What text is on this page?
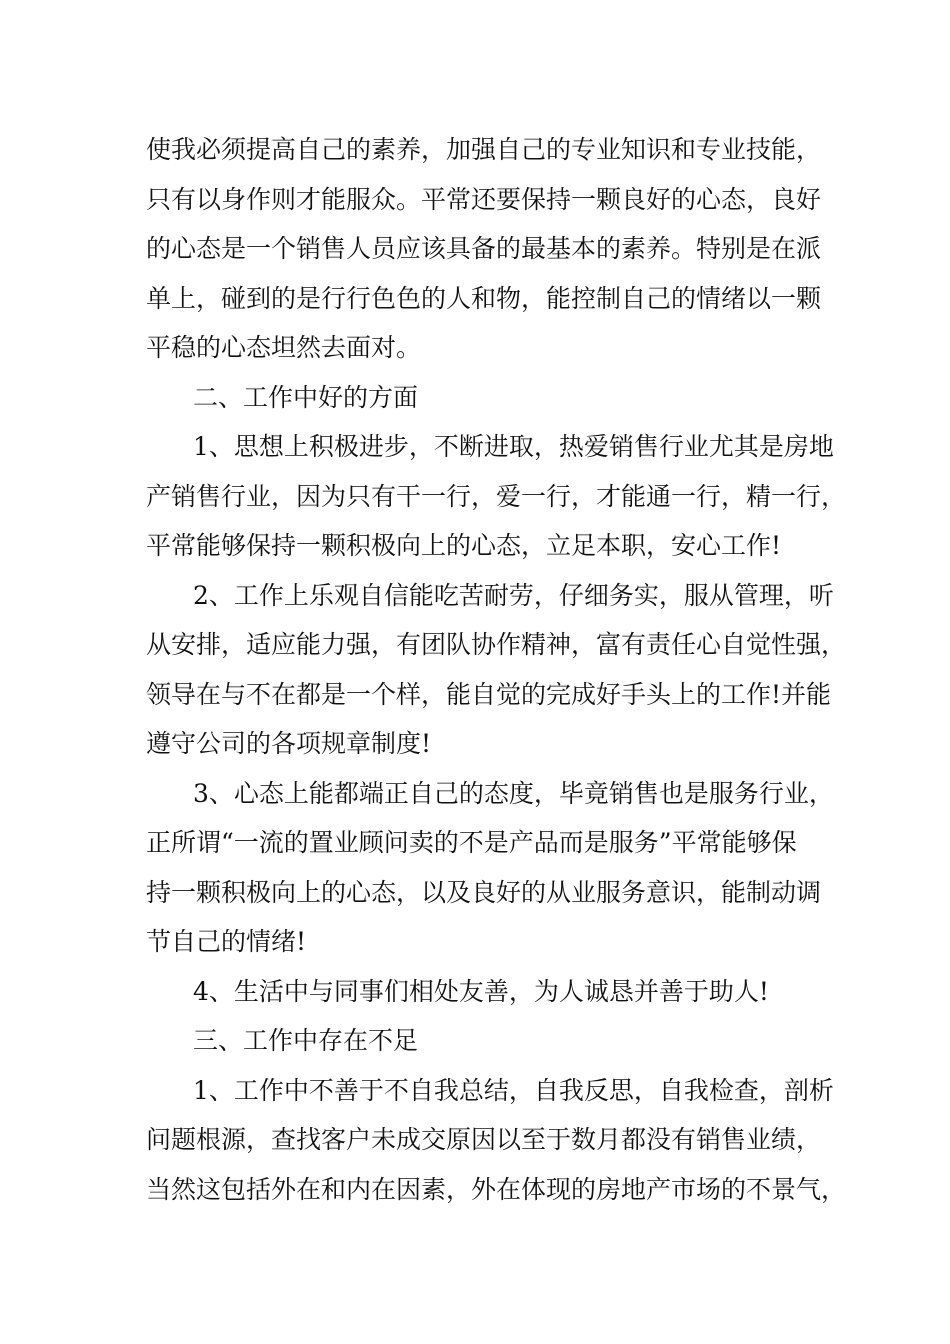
使我必须提高自己的素养，加强自己的专业知识和专业技能，
只有以身作则才能服众。平常还要保持一颗良好的心态，良好
的心态是一个销售人员应该具备的最基本的素养。特别是在派
单上，碰到的是行行色色的人和物，能控制自己的情绪以一颗
平稳的心态坦然去面对。
二、工作中好的方面
1、思想上积极进步，不断进取，热爱销售行业尤其是房地
产销售行业，因为只有干一行，爱一行，才能通一行，精一行，
平常能够保持一颗积极向上的心态，立足本职，安心工作!
2、工作上乐观自信能吃苦耐劳，仔细务实，服从管理，听
从安排，适应能力强，有团队协作精神，富有责任心自觉性强，
领导在与不在都是一个样，能自觉的完成好手头上的工作!并能
遵守公司的各项规章制度!
3、心态上能都端正自己的态度，毕竟销售也是服务行业，
正所谓“一流的置业顾问卖的不是产品而是服务”平常能够保
持一颗积极向上的心态，以及良好的从业服务意识，能制动调
节自己的情绪!
4、生活中与同事们相处友善，为人诚恳并善于助人!
三、工作中存在不足
1、工作中不善于不自我总结，自我反思，自我检查，剖析
问题根源，查找客户未成交原因以至于数月都没有销售业绩，
当然这包括外在和内在因素，外在体现的房地产市场的不景气，
